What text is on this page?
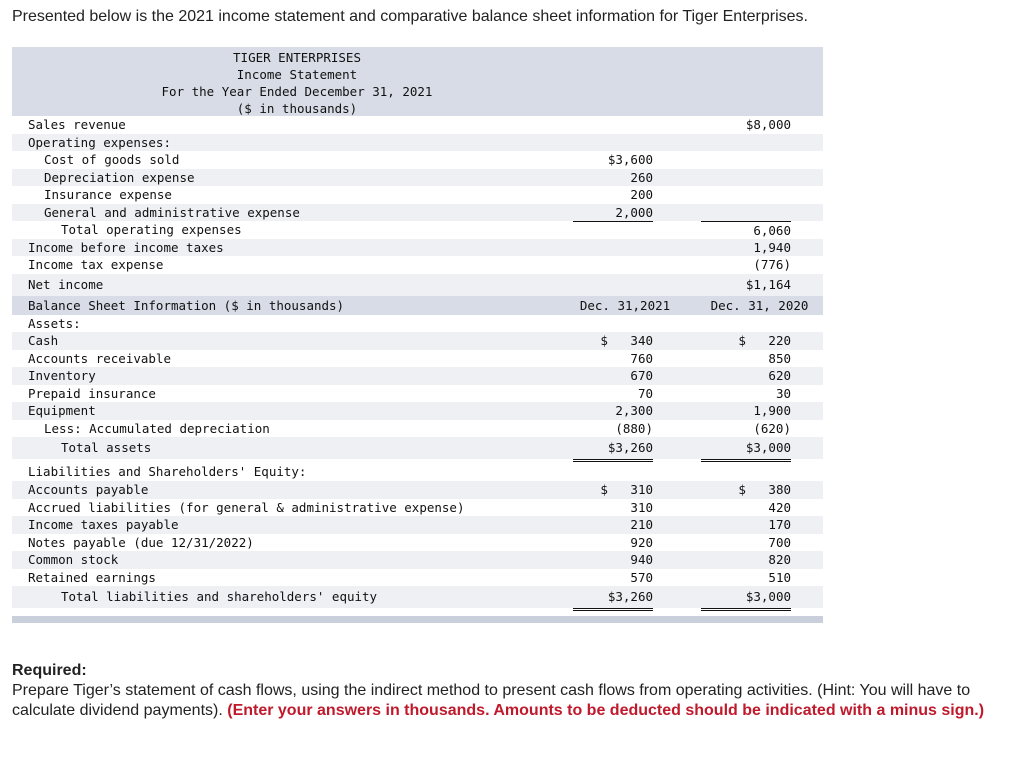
Presented below is the 2021 income statement and comparative balance sheet information for Tiger Enterprises.
TIGER ENTERPRISES
Income Statement
For the Year Ended December 31, 2021
($ in thousands)
Sales revenue	$8,000
Operating expenses:
Cost of goods sold	$3,600
Depreciation expense	260
Insurance expense	200
General and administrative expense	2,000
Total operating expenses	6,060
Income before income taxes	1,940
Income tax expense	(776)
Net income	$1,164
Balance Sheet Information ($ in thousands)	Dec. 31,2021	Dec. 31, 2020
Assets:
Cash	$   340	$   220
Accounts receivable	760	850
Inventory	670	620
Prepaid insurance	70	30
Equipment	2,300	1,900
Less: Accumulated depreciation	(880)	(620)
Total assets	$3,260	$3,000
Liabilities and Shareholders' Equity:
Accounts payable	$   310	$   380
Accrued liabilities (for general & administrative expense)	310	420
Income taxes payable	210	170
Notes payable (due 12/31/2022)	920	700
Common stock	940	820
Retained earnings	570	510
Total liabilities and shareholders' equity	$3,260	$3,000
Required:
Prepare Tiger’s statement of cash flows, using the indirect method to present cash flows from operating activities. (Hint: You will have to calculate dividend payments). (Enter your answers in thousands. Amounts to be deducted should be indicated with a minus sign.)
